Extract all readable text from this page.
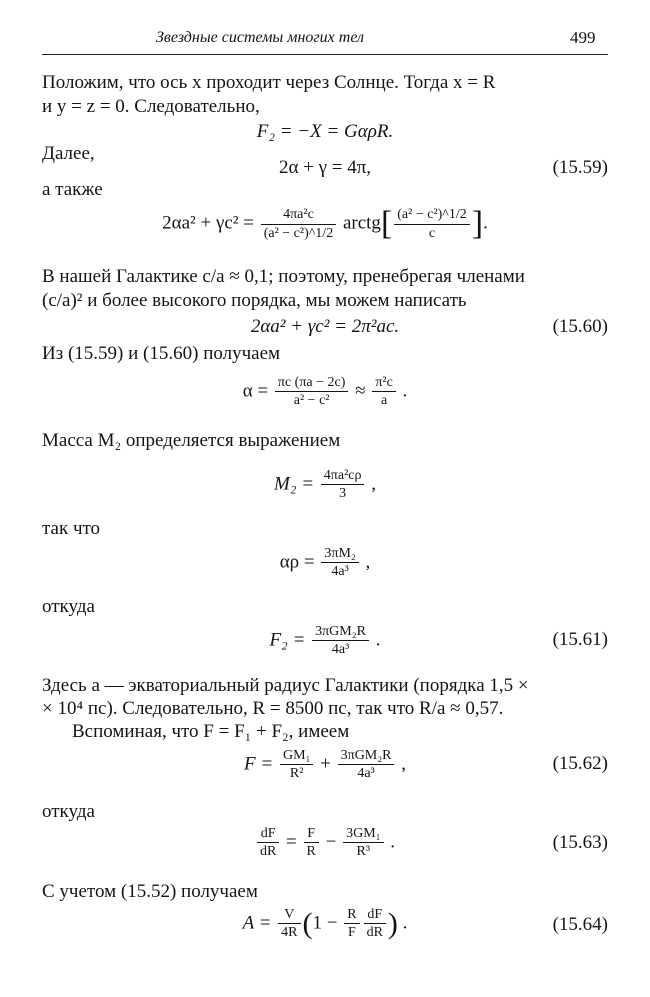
Звездные системы многих тел	499
Положим, что ось x проходит через Солнце. Тогда x = R
и y = z = 0. Следовательно,
F₂ = −X = GαρR.
Далее,
2α + γ = 4π,	(15.59)
а также
$2\alpha a^2 + \gamma c^2 = \frac{\text{4πa²c}}{\text{(a² − c²)\textasciicircum{}1/2}}$ arctg[ $\frac{\text{(a² − c²)\textasciicircum{}1/2}}{c}$ ].
В нашей Галактике c/a ≈ 0,1; поэтому, пренебрегая членами
(c/a)² и более высокого порядка, мы можем написать
2αa² + γc² = 2π²ac.	(15.60)
Из (15.59) и (15.60) получаем
$\alpha = \frac{\pi c (\pi a - 2c)}{\text{a² − c²}} \approx \frac{\text{π²c}}{a}$ .
Масса M₂ определяется выражением
$M_2 = \frac{\text{4πa²cρ}}{3}$ ,
так что
$\alpha\rho = \frac{\text{3πM₂}}{\text{4a³}}$ ,
откуда
$F_2 = \frac{\text{3πGM₂R}}{\text{4a³}}$ .	(15.61)
Здесь a — экваториальный радиус Галактики (порядка 1,5 ×
× 10⁴ пс). Следовательно, R = 8500 пс, так что R/a ≈ 0,57.
Вспоминая, что F = F₁ + F₂, имеем
$F = \frac{\text{GM₁}}{\text{R²}} + \frac{\text{3πGM₂R}}{\text{4a³}}$ ,	(15.62)
откуда
$\frac{dF}{dR} = \frac{F}{R} - \frac{\text{3GM₁}}{\text{R³}}$ .	(15.63)
С учетом (15.52) получаем
$A = \frac{V}{4R} (1 - \frac{R}{F} \frac{dF}{dR}$ ) .	(15.64)
